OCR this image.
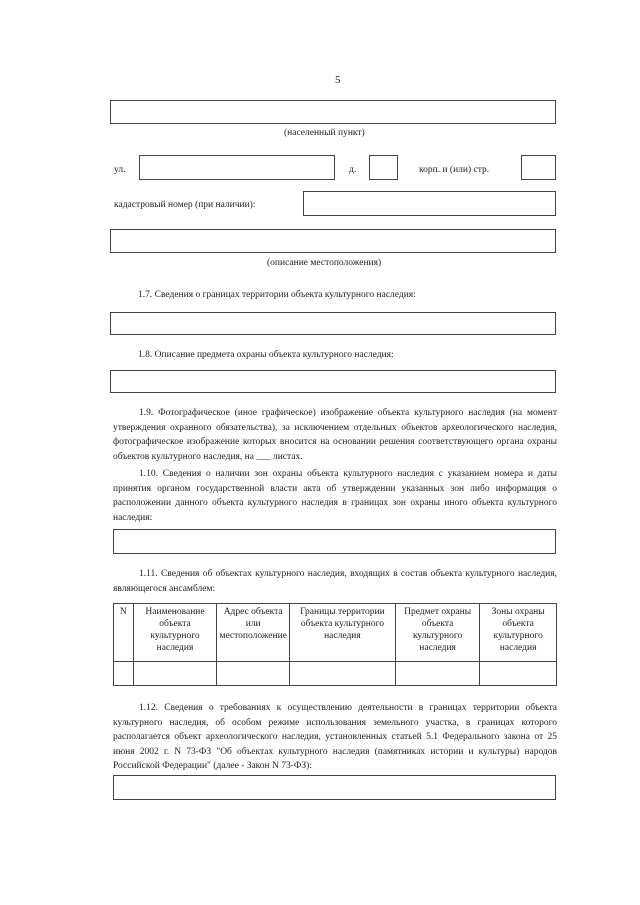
5
(населенный пункт)
ул.	д.	корп. и (или) стр.
кадастровый номер (при наличии):
(описание местоположения)
1.7. Сведения о границах территории объекта культурного наследия:
1.8. Описание предмета охраны объекта культурного наследия:
1.9. Фотографическое (иное графическое) изображение объекта культурного наследия (на момент утверждения охранного обязательства), за исключением отдельных объектов археологического наследия, фотографическое изображение которых вносится на основании решения соответствующего органа охраны объектов культурного наследия, на ___ листах.
1.10. Сведения о наличии зон охраны объекта культурного наследия с указанием номера и даты принятия органом государственной власти акта об утверждении указанных зон либо информация о расположении данного объекта культурного наследия в границах зон охраны иного объекта культурного наследия:
1.11. Сведения об объектах культурного наследия, входящих в состав объекта культурного наследия, являющегося ансамблем:
N	Наименование объекта культурного наследия	Адрес объекта или местоположение	Границы территории объекта культурного наследия	Предмет охраны объекта культурного наследия	Зоны охраны объекта культурного наследия

1.12. Сведения о требованиях к осуществлению деятельности в границах территории объекта культурного наследия, об особом режиме использования земельного участка, в границах которого располагается объект археологического наследия, установленных статьей 5.1 Федерального закона от 25 июня 2002 г. N 73-ФЗ "Об объектах культурного наследия (памятниках истории и культуры) народов Российской Федерации" (далее - Закон N 73-ФЗ):
